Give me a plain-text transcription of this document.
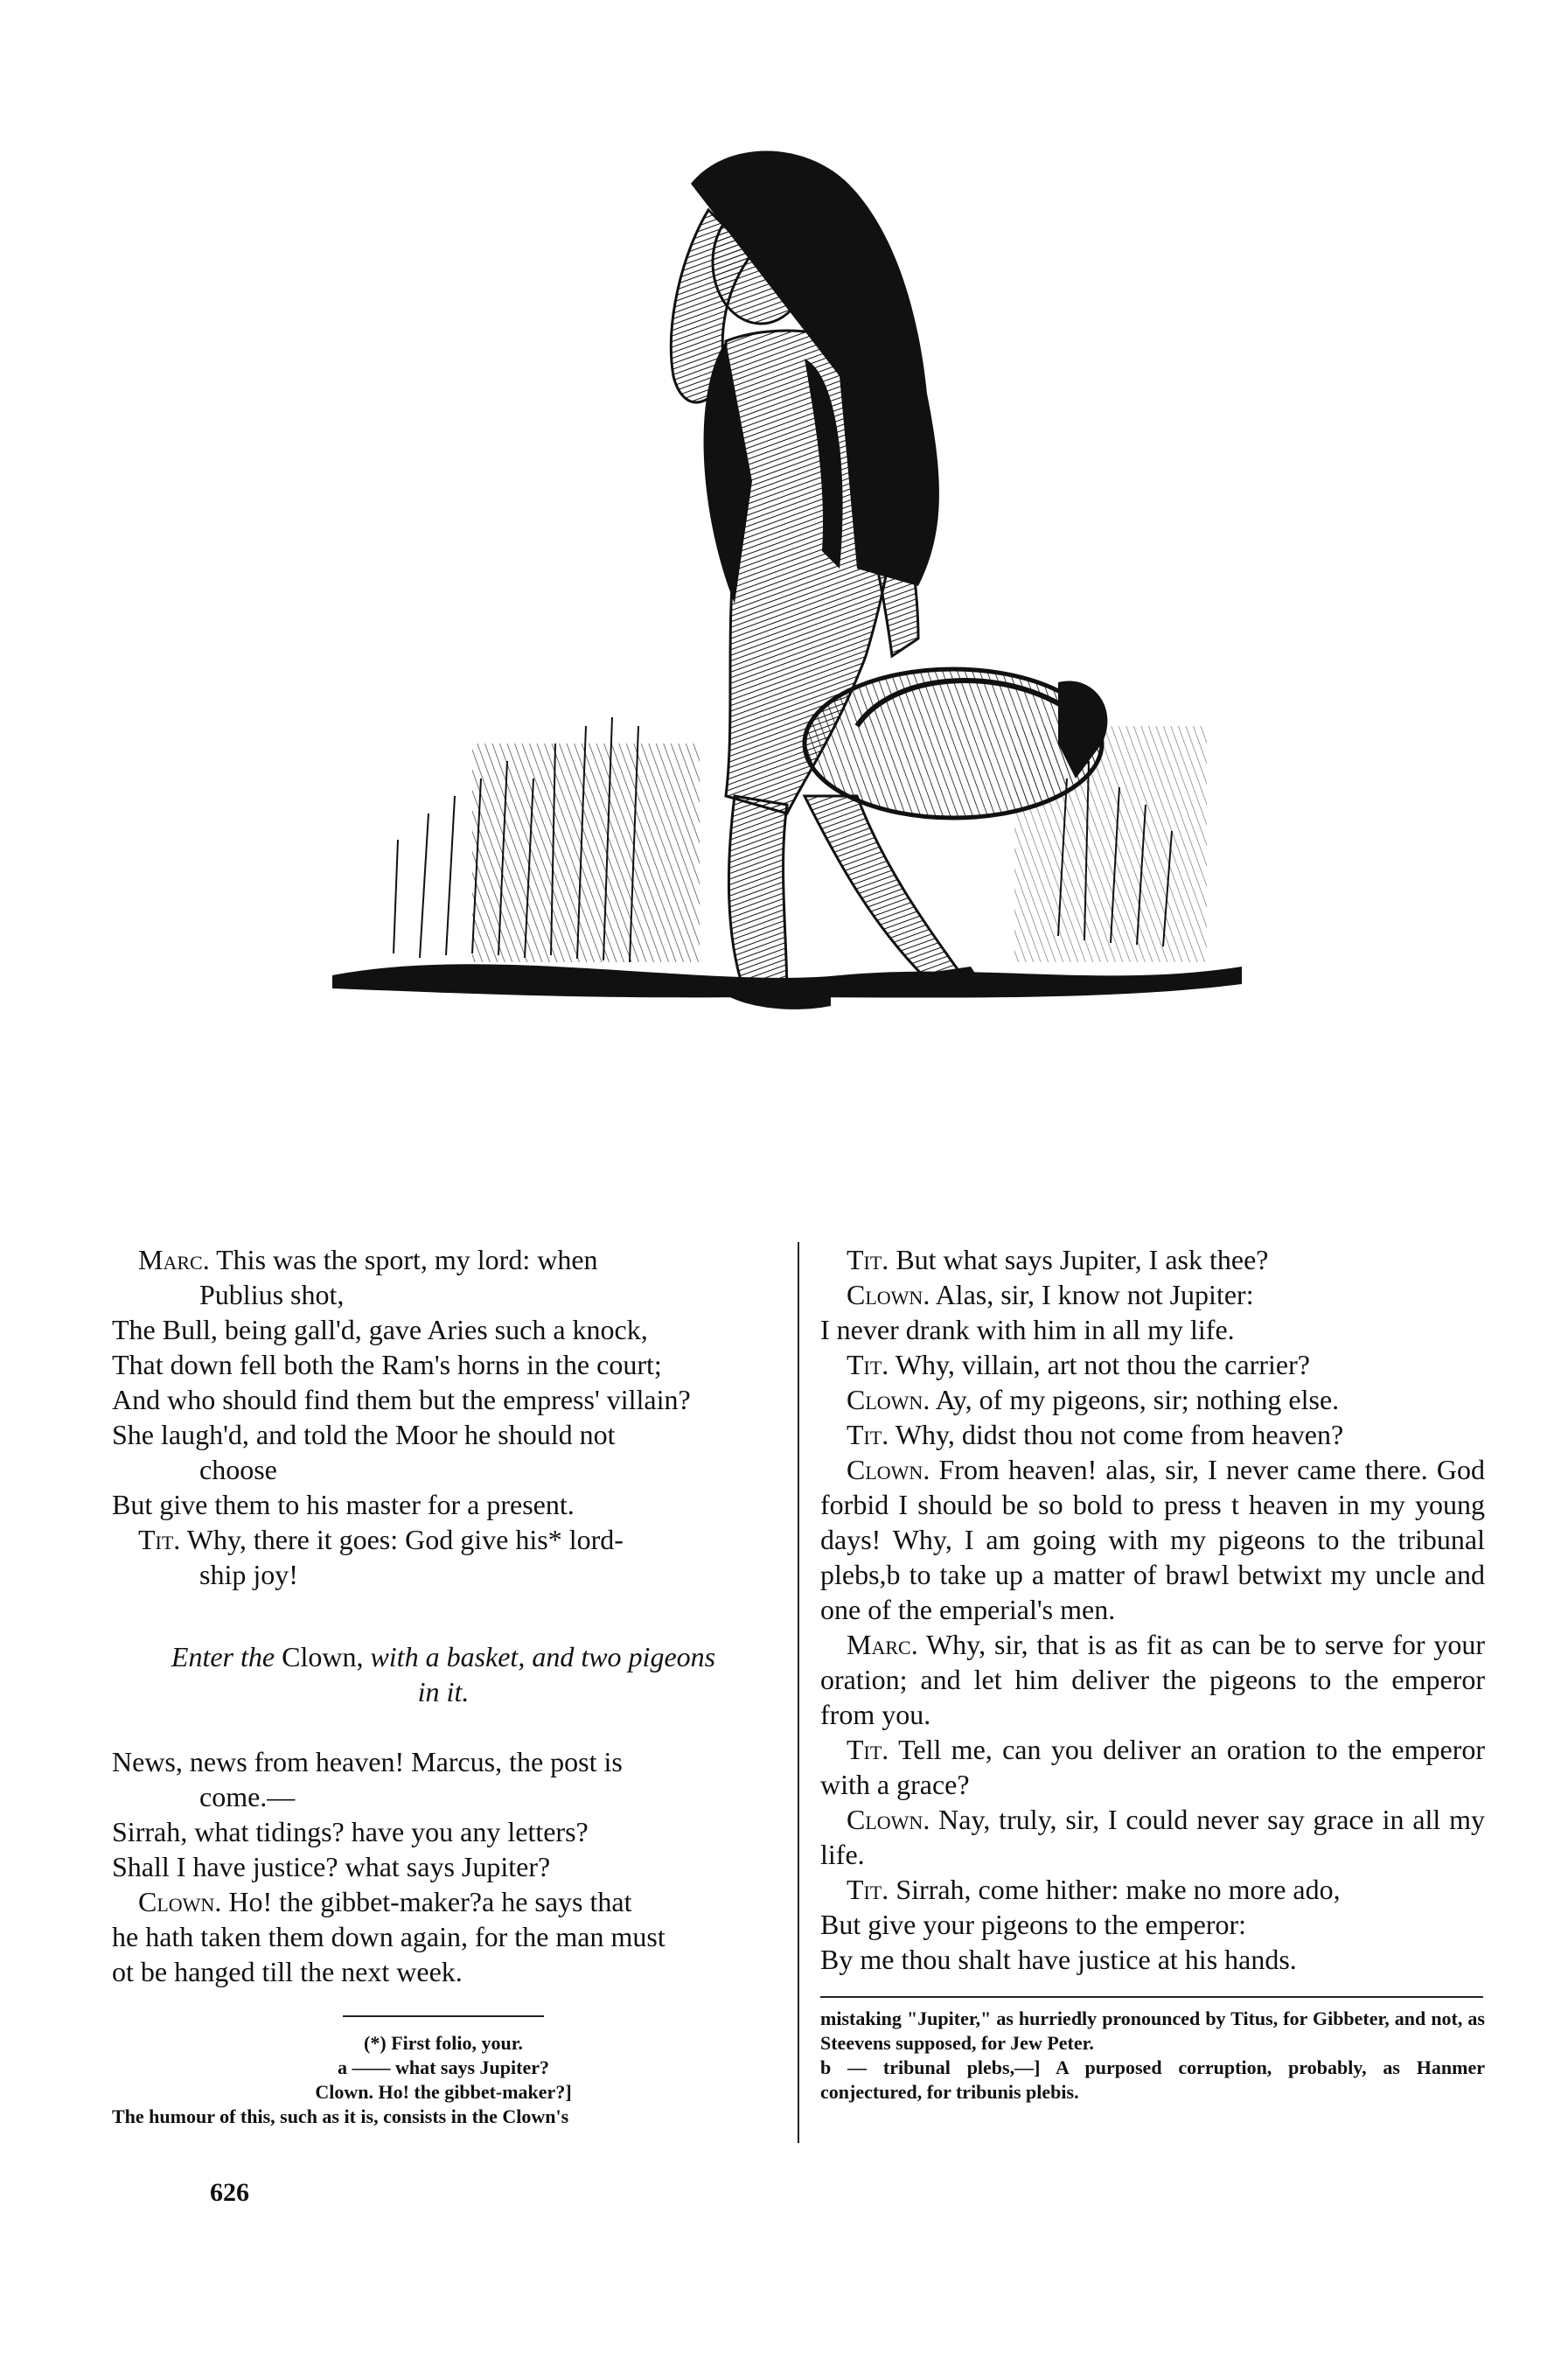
Marc. This was the sport, my lord: when
Publius shot,
The Bull, being gall'd, gave Aries such a knock,
That down fell both the Ram's horns in the court;
And who should find them but the empress' villain?
She laugh'd, and told the Moor he should not
choose
But give them to his master for a present.
Tit. Why, there it goes: God give his* lord-
ship joy!
Enter the Clown, with a basket, and two pigeons
in it.
News, news from heaven! Marcus, the post is
come.—
Sirrah, what tidings? have you any letters?
Shall I have justice? what says Jupiter?
Clown. Ho! the gibbet-maker?a he says that
he hath taken them down again, for the man must
ot be hanged till the next week.
(*) First folio, your.
a —— what says Jupiter?
Clown. Ho! the gibbet-maker?]
The humour of this, such as it is, consists in the Clown's
Tit. But what says Jupiter, I ask thee?
Clown. Alas, sir, I know not Jupiter:
I never drank with him in all my life.
Tit. Why, villain, art not thou the carrier?
Clown. Ay, of my pigeons, sir; nothing else.
Tit. Why, didst thou not come from heaven?

Clown. From heaven! alas, sir, I never came there. God forbid I should be so bold to press t heaven in my young days! Why, I am going with my pigeons to the tribunal plebs,b to take up a matter of brawl betwixt my uncle and one of the emperial's men.

Marc. Why, sir, that is as fit as can be to serve for your oration; and let him deliver the pigeons to the emperor from you.

Tit. Tell me, can you deliver an oration to the emperor with a grace?

Clown. Nay, truly, sir, I could never say grace in all my life.

Tit. Sirrah, come hither: make no more ado,
But give your pigeons to the emperor:
By me thou shalt have justice at his hands.
mistaking "Jupiter," as hurriedly pronounced by Titus, for Gibbeter, and not, as Steevens supposed, for Jew Peter.
b — tribunal plebs,—] A purposed corruption, probably, as Hanmer conjectured, for tribunis plebis.
626
